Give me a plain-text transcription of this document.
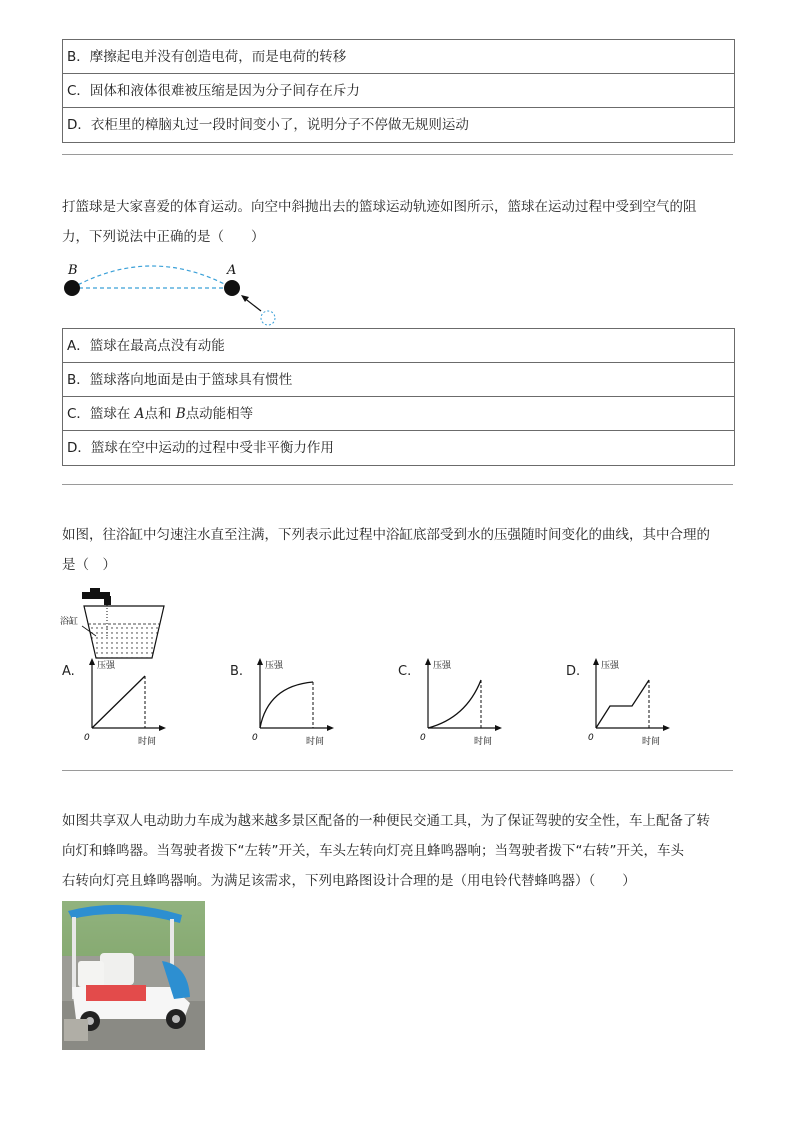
B．摩擦起电并没有创造电荷，而是电荷的转移
C．固体和液体很难被压缩是因为分子间存在斥力
D．衣柜里的樟脑丸过一段时间变小了，说明分子不停做无规则运动
打篮球是大家喜爱的体育运动。向空中斜抛出去的篮球运动轨迹如图所示，篮球在运动过程中受到空气的阻
力，下列说法中正确的是（　　）
B	A
A．篮球在最高点没有动能
B．篮球落向地面是由于篮球具有惯性
C．篮球在 A点和 B点动能相等
D．篮球在空中运动的过程中受非平衡力作用
如图，往浴缸中匀速注水直至注满，下列表示此过程中浴缸底部受到水的压强随时间变化的曲线，其中合理的
是（　）
浴缸
A. 压强
时间
0
B. 压强
时间
0
C. 压强
时间
0
D. 压强
时间
0
如图共享双人电动助力车成为越来越多景区配备的一种便民交通工具，为了保证驾驶的安全性，车上配备了转
向灯和蜂鸣器。当驾驶者拨下“左转”开关，车头左转向灯亮且蜂鸣器响；当驾驶者拨下“右转”开关，车头
右转向灯亮且蜂鸣器响。为满足该需求，下列电路图设计合理的是（用电铃代替蜂鸣器）（　　）
